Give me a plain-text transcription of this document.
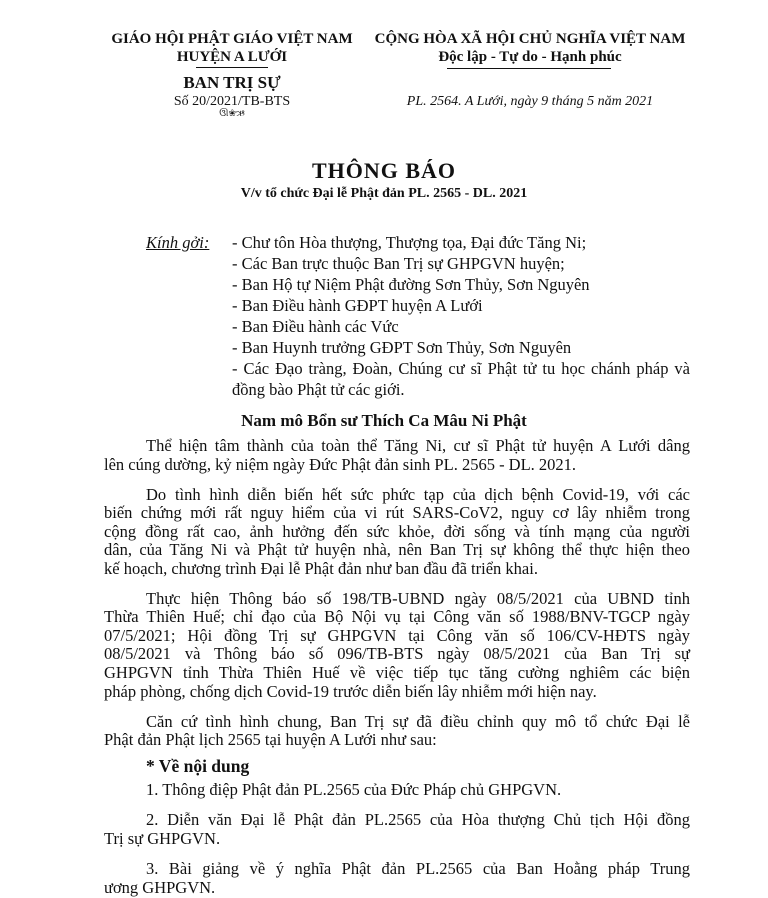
GIÁO HỘI PHẬT GIÁO VIỆT NAM
HUYỆN A LƯỚI
BAN TRỊ SỰ
Số 20/2021/TB-BTS
ઊ❀ઋ
CỘNG HÒA XÃ HỘI CHỦ NGHĨA VIỆT NAM
Độc lập - Tự do - Hạnh phúc
PL. 2564. A Lưới, ngày 9 tháng 5 năm 2021
THÔNG BÁO
V/v tổ chức Đại lễ Phật đản PL. 2565 - DL. 2021
Kính gởi: - Chư tôn Hòa thượng, Thượng tọa, Đại đức Tăng Ni;
- Các Ban trực thuộc Ban Trị sự GHPGVN huyện;
- Ban Hộ tự Niệm Phật đường Sơn Thủy, Sơn Nguyên
- Ban Điều hành GĐPT huyện A Lưới
- Ban Điều hành các Vức
- Ban Huynh trưởng GĐPT Sơn Thủy, Sơn Nguyên
- Các Đạo tràng, Đoàn, Chúng cư sĩ Phật tử tu học chánh pháp và
đồng bào Phật tử các giới.
Nam mô Bổn sư Thích Ca Mâu Ni Phật
Thể hiện tâm thành của toàn thể Tăng Ni, cư sĩ Phật tử huyện A Lưới dâng
lên cúng dường, kỷ niệm ngày Đức Phật đản sinh PL. 2565 - DL. 2021.
Do tình hình diễn biến hết sức phức tạp của dịch bệnh Covid-19, với các
biến chứng mới rất nguy hiểm của vi rút SARS-CoV2, nguy cơ lây nhiễm trong
cộng đồng rất cao, ảnh hưởng đến sức khỏe, đời sống và tính mạng của người
dân, của Tăng Ni và Phật tử huyện nhà, nên Ban Trị sự không thể thực hiện theo
kế hoạch, chương trình Đại lễ Phật đản như ban đầu đã triển khai.
Thực hiện Thông báo số 198/TB-UBND ngày 08/5/2021 của UBND tỉnh
Thừa Thiên Huế; chỉ đạo của Bộ Nội vụ tại Công văn số 1988/BNV-TGCP ngày
07/5/2021; Hội đồng Trị sự GHPGVN tại Công văn số 106/CV-HĐTS ngày
08/5/2021 và Thông báo số 096/TB-BTS ngày 08/5/2021 của Ban Trị sự
GHPGVN tỉnh Thừa Thiên Huế về việc tiếp tục tăng cường nghiêm các biện
pháp phòng, chống dịch Covid-19 trước diễn biến lây nhiễm mới hiện nay.
Căn cứ tình hình chung, Ban Trị sự đã điều chỉnh quy mô tổ chức Đại lễ
Phật đản Phật lịch 2565 tại huyện A Lưới như sau:
* Về nội dung
1. Thông điệp Phật đản PL.2565 của Đức Pháp chủ GHPGVN.
2. Diễn văn Đại lễ Phật đản PL.2565 của Hòa thượng Chủ tịch Hội đồng
Trị sự GHPGVN.
3. Bài giảng về ý nghĩa Phật đản PL.2565 của Ban Hoằng pháp Trung
ương GHPGVN.
